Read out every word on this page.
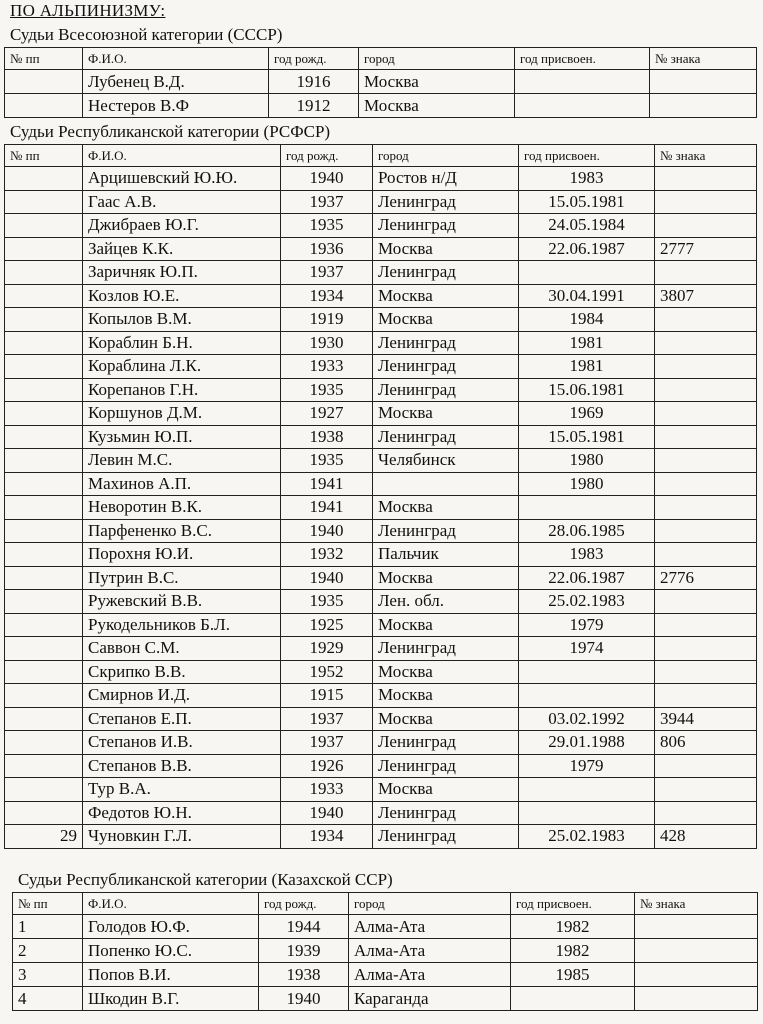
ПО АЛЬПИНИЗМУ:
Судьи Всесоюзной категории (СССР)
№ пп	Ф.И.О.	год рожд.	город	год присвоен.	№ знака
	Лубенец В.Д.	1916	Москва		
	Нестеров В.Ф	1912	Москва		
Судьи Республиканской категории (РСФСР)
№ пп	Ф.И.О.	год рожд.	город	год присвоен.	№ знака
	Арцишевский Ю.Ю.	1940	Ростов н/Д	1983	
	Гаас А.В.	1937	Ленинград	15.05.1981	
	Джибраев Ю.Г.	1935	Ленинград	24.05.1984	
	Зайцев К.К.	1936	Москва	22.06.1987	2777
	Заричняк Ю.П.	1937	Ленинград		
	Козлов Ю.Е.	1934	Москва	30.04.1991	3807
	Копылов В.М.	1919	Москва	1984	
	Кораблин Б.Н.	1930	Ленинград	1981	
	Кораблина Л.К.	1933	Ленинград	1981	
	Корепанов Г.Н.	1935	Ленинград	15.06.1981	
	Коршунов Д.М.	1927	Москва	1969	
	Кузьмин Ю.П.	1938	Ленинград	15.05.1981	
	Левин М.С.	1935	Челябинск	1980	
	Махинов А.П.	1941		1980	
	Неворотин В.К.	1941	Москва		
	Парфененко В.С.	1940	Ленинград	28.06.1985	
	Порохня Ю.И.	1932	Пальчик	1983	
	Путрин В.С.	1940	Москва	22.06.1987	2776
	Ружевский В.В.	1935	Лен. обл.	25.02.1983	
	Рукодельников Б.Л.	1925	Москва	1979	
	Саввон С.М.	1929	Ленинград	1974	
	Скрипко В.В.	1952	Москва		
	Смирнов И.Д.	1915	Москва		
	Степанов Е.П.	1937	Москва	03.02.1992	3944
	Степанов И.В.	1937	Ленинград	29.01.1988	806
	Степанов В.В.	1926	Ленинград	1979	
	Тур В.А.	1933	Москва		
	Федотов Ю.Н.	1940	Ленинград		
29	Чуновкин Г.Л.	1934	Ленинград	25.02.1983	428
Судьи Республиканской категории (Казахской ССР)
№ пп	Ф.И.О.	год рожд.	город	год присвоен.	№ знака
1	Голодов Ю.Ф.	1944	Алма-Ата	1982	
2	Попенко Ю.С.	1939	Алма-Ата	1982	
3	Попов В.И.	1938	Алма-Ата	1985	
4	Шкодин В.Г.	1940	Караганда		
